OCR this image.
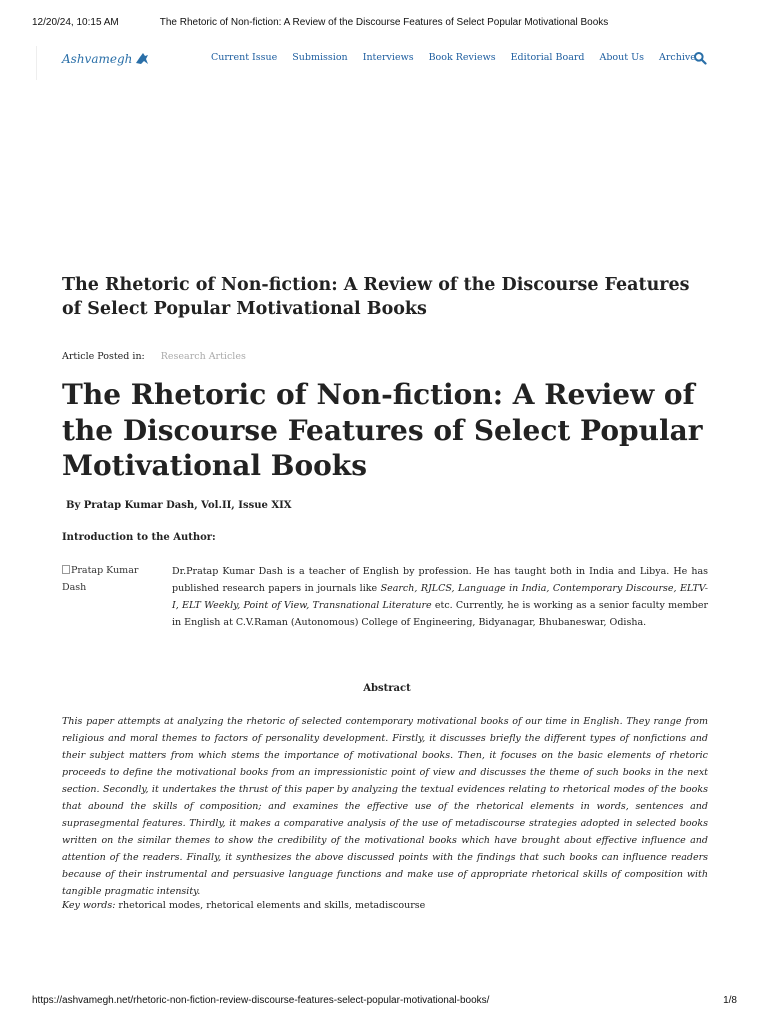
12/20/24, 10:15 AM	The Rhetoric of Non-fiction: A Review of the Discourse Features of Select Popular Motivational Books
Ashvamegh	Current Issue Submission Interviews Book Reviews Editorial Board About Us Archive
The Rhetoric of Non-fiction: A Review of the Discourse Features of Select Popular Motivational Books
Article Posted in: Research Articles
The Rhetoric of Non-fiction: A Review of the Discourse Features of Select Popular Motivational Books

By Pratap Kumar Dash, Vol.II, Issue XIX

Introduction to the Author:

Pratap Kumar Dash

Dr.Pratap Kumar Dash is a teacher of English by profession. He has taught both in India and Libya. He has published research papers in journals like Search, RJLCS, Language in India, Contemporary Discourse, ELTV-I, ELT Weekly, Point of View, Transnational Literature etc. Currently, he is working as a senior faculty member in English at C.V.Raman (Autonomous) College of Engineering, Bidyanagar, Bhubaneswar, Odisha.

Abstract

This paper attempts at analyzing the rhetoric of selected contemporary motivational books of our time in English. They range from religious and moral themes to factors of personality development. Firstly, it discusses briefly the different types of nonfictions and their subject matters from which stems the importance of motivational books. Then, it focuses on the basic elements of rhetoric proceeds to define the motivational books from an impressionistic point of view and discusses the theme of such books in the next section. Secondly, it undertakes the thrust of this paper by analyzing the textual evidences relating to rhetorical modes of the books that abound the skills of composition; and examines the effective use of the rhetorical elements in words, sentences and suprasegmental features. Thirdly, it makes a comparative analysis of the use of metadiscourse strategies adopted in selected books written on the similar themes to show the credibility of the motivational books which have brought about effective influence and attention of the readers. Finally, it synthesizes the above discussed points with the findings that such books can influence readers because of their instrumental and persuasive language functions and make use of appropriate rhetorical skills of composition with tangible pragmatic intensity.

Key words: rhetorical modes, rhetorical elements and skills, metadiscourse

https://ashvamegh.net/rhetoric-non-fiction-review-discourse-features-select-popular-motivational-books/	1/8
